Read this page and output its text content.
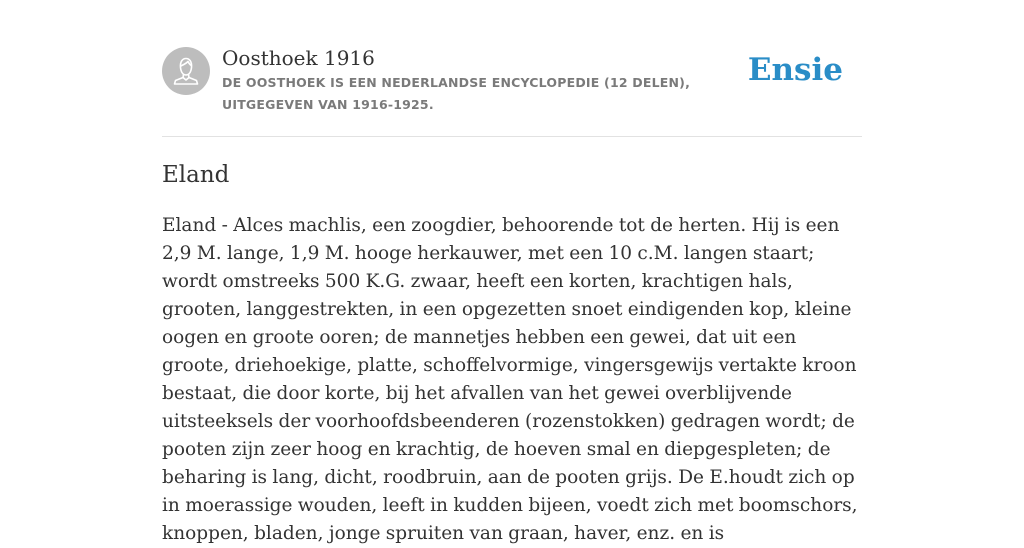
Oosthoek 1916
DE OOSTHOEK IS EEN NEDERLANDSE ENCYCLOPEDIE (12 DELEN), UITGEGEVEN VAN 1916-1925.
Ensie
Eland

Eland - Alces machlis, een zoogdier, behoorende tot de herten. Hij is een 2,9 M. lange, 1,9 M. hooge herkauwer, met een 10 c.M. langen staart; wordt omstreeks 500 K.G. zwaar, heeft een korten, krachtigen hals, grooten, langgestrekten, in een opgezetten snoet eindigenden kop, kleine oogen en groote ooren; de mannetjes hebben een gewei, dat uit een groote, driehoekige, platte, schoffelvormige, vingersgewijs vertakte kroon bestaat, die door korte, bij het afvallen van het gewei overblijvende uitsteeksels der voorhoofdsbeenderen (rozenstokken) gedragen wordt; de pooten zijn zeer hoog en krachtig, de hoeven smal en diepgespleten; de beharing is lang, dicht, roodbruin, aan de pooten grijs. De E.houdt zich op in moerassige wouden, leeft in kudden bijeen, voedt zich met boomschors, knoppen, bladen, jonge spruiten van graan, haver, enz. en is
